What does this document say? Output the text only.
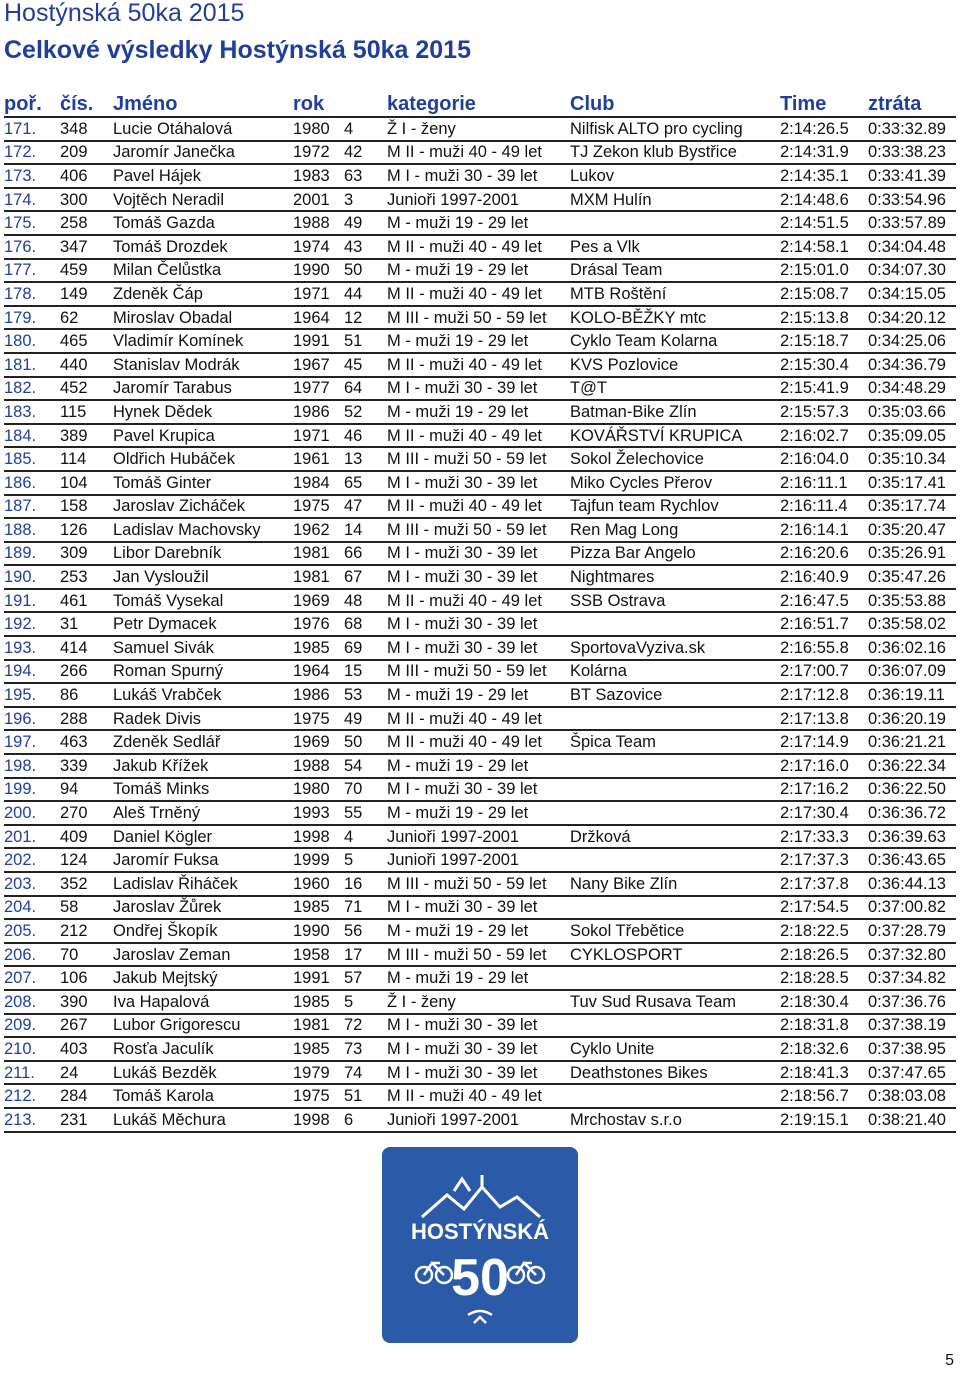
Hostýnská 50ka 2015
Celkové výsledky Hostýnská 50ka 2015
poř.	čís.	Jméno	rok		kategorie	Club	Time	ztráta
171.	348	Lucie Otáhalová	1980	4	Ž I - ženy	Nilfisk ALTO pro cycling	2:14:26.5	0:33:32.89
172.	209	Jaromír Janečka	1972	42	M II - muži 40 - 49 let	TJ Zekon klub Bystřice	2:14:31.9	0:33:38.23
173.	406	Pavel Hájek	1983	63	M I - muži 30 - 39 let	Lukov	2:14:35.1	0:33:41.39
174.	300	Vojtěch Neradil	2001	3	Junioři 1997-2001	MXM Hulín	2:14:48.6	0:33:54.96
175.	258	Tomáš Gazda	1988	49	M - muži 19 - 29 let		2:14:51.5	0:33:57.89
176.	347	Tomáš Drozdek	1974	43	M II - muži 40 - 49 let	Pes a Vlk	2:14:58.1	0:34:04.48
177.	459	Milan Čelůstka	1990	50	M - muži 19 - 29 let	Drásal Team	2:15:01.0	0:34:07.30
178.	149	Zdeněk Čáp	1971	44	M II - muži 40 - 49 let	MTB Roštění	2:15:08.7	0:34:15.05
179.	62	Miroslav Obadal	1964	12	M III - muži 50 - 59 let	KOLO-BĚŽKY mtc	2:15:13.8	0:34:20.12
180.	465	Vladimír Komínek	1991	51	M - muži 19 - 29 let	Cyklo Team Kolarna	2:15:18.7	0:34:25.06
181.	440	Stanislav Modrák	1967	45	M II - muži 40 - 49 let	KVS Pozlovice	2:15:30.4	0:34:36.79
182.	452	Jaromír Tarabus	1977	64	M I - muži 30 - 39 let	T@T	2:15:41.9	0:34:48.29
183.	115	Hynek Dědek	1986	52	M - muži 19 - 29 let	Batman-Bike Zlín	2:15:57.3	0:35:03.66
184.	389	Pavel Krupica	1971	46	M II - muži 40 - 49 let	KOVÁŘSTVÍ KRUPICA	2:16:02.7	0:35:09.05
185.	114	Oldřich Hubáček	1961	13	M III - muži 50 - 59 let	Sokol Želechovice	2:16:04.0	0:35:10.34
186.	104	Tomáš Ginter	1984	65	M I - muži 30 - 39 let	Miko Cycles Přerov	2:16:11.1	0:35:17.41
187.	158	Jaroslav Zicháček	1975	47	M II - muži 40 - 49 let	Tajfun team Rychlov	2:16:11.4	0:35:17.74
188.	126	Ladislav Machovsky	1962	14	M III - muži 50 - 59 let	Ren Mag Long	2:16:14.1	0:35:20.47
189.	309	Libor Darebník	1981	66	M I - muži 30 - 39 let	Pizza Bar Angelo	2:16:20.6	0:35:26.91
190.	253	Jan Vysloužil	1981	67	M I - muži 30 - 39 let	Nightmares	2:16:40.9	0:35:47.26
191.	461	Tomáš Vysekal	1969	48	M II - muži 40 - 49 let	SSB Ostrava	2:16:47.5	0:35:53.88
192.	31	Petr Dymacek	1976	68	M I - muži 30 - 39 let		2:16:51.7	0:35:58.02
193.	414	Samuel Sivák	1985	69	M I - muži 30 - 39 let	SportovaVyziva.sk	2:16:55.8	0:36:02.16
194.	266	Roman Spurný	1964	15	M III - muži 50 - 59 let	Kolárna	2:17:00.7	0:36:07.09
195.	86	Lukáš Vrabček	1986	53	M - muži 19 - 29 let	BT Sazovice	2:17:12.8	0:36:19.11
196.	288	Radek Divis	1975	49	M II - muži 40 - 49 let		2:17:13.8	0:36:20.19
197.	463	Zdeněk Sedlář	1969	50	M II - muži 40 - 49 let	Špica Team	2:17:14.9	0:36:21.21
198.	339	Jakub Křížek	1988	54	M - muži 19 - 29 let		2:17:16.0	0:36:22.34
199.	94	Tomáš Minks	1980	70	M I - muži 30 - 39 let		2:17:16.2	0:36:22.50
200.	270	Aleš Trněný	1993	55	M - muži 19 - 29 let		2:17:30.4	0:36:36.72
201.	409	Daniel Kögler	1998	4	Junioři 1997-2001	Držková	2:17:33.3	0:36:39.63
202.	124	Jaromír Fuksa	1999	5	Junioři 1997-2001		2:17:37.3	0:36:43.65
203.	352	Ladislav Řiháček	1960	16	M III - muži 50 - 59 let	Nany Bike Zlín	2:17:37.8	0:36:44.13
204.	58	Jaroslav Žůrek	1985	71	M I - muži 30 - 39 let		2:17:54.5	0:37:00.82
205.	212	Ondřej Škopík	1990	56	M - muži 19 - 29 let	Sokol Třebětice	2:18:22.5	0:37:28.79
206.	70	Jaroslav Zeman	1958	17	M III - muži 50 - 59 let	CYKLOSPORT	2:18:26.5	0:37:32.80
207.	106	Jakub Mejtský	1991	57	M - muži 19 - 29 let		2:18:28.5	0:37:34.82
208.	390	Iva Hapalová	1985	5	Ž I - ženy	Tuv Sud Rusava Team	2:18:30.4	0:37:36.76
209.	267	Lubor Grigorescu	1981	72	M I - muži 30 - 39 let		2:18:31.8	0:37:38.19
210.	403	Rosťa Jaculík	1985	73	M I - muži 30 - 39 let	Cyklo Unite	2:18:32.6	0:37:38.95
211.	24	Lukáš Bezděk	1979	74	M I - muži 30 - 39 let	Deathstones Bikes	2:18:41.3	0:37:47.65
212.	284	Tomáš Karola	1975	51	M II - muži 40 - 49 let		2:18:56.7	0:38:03.08
213.	231	Lukáš Měchura	1998	6	Junioři 1997-2001	Mrchostav s.r.o	2:19:15.1	0:38:21.40
HOSTÝNSKÁ
50
5
